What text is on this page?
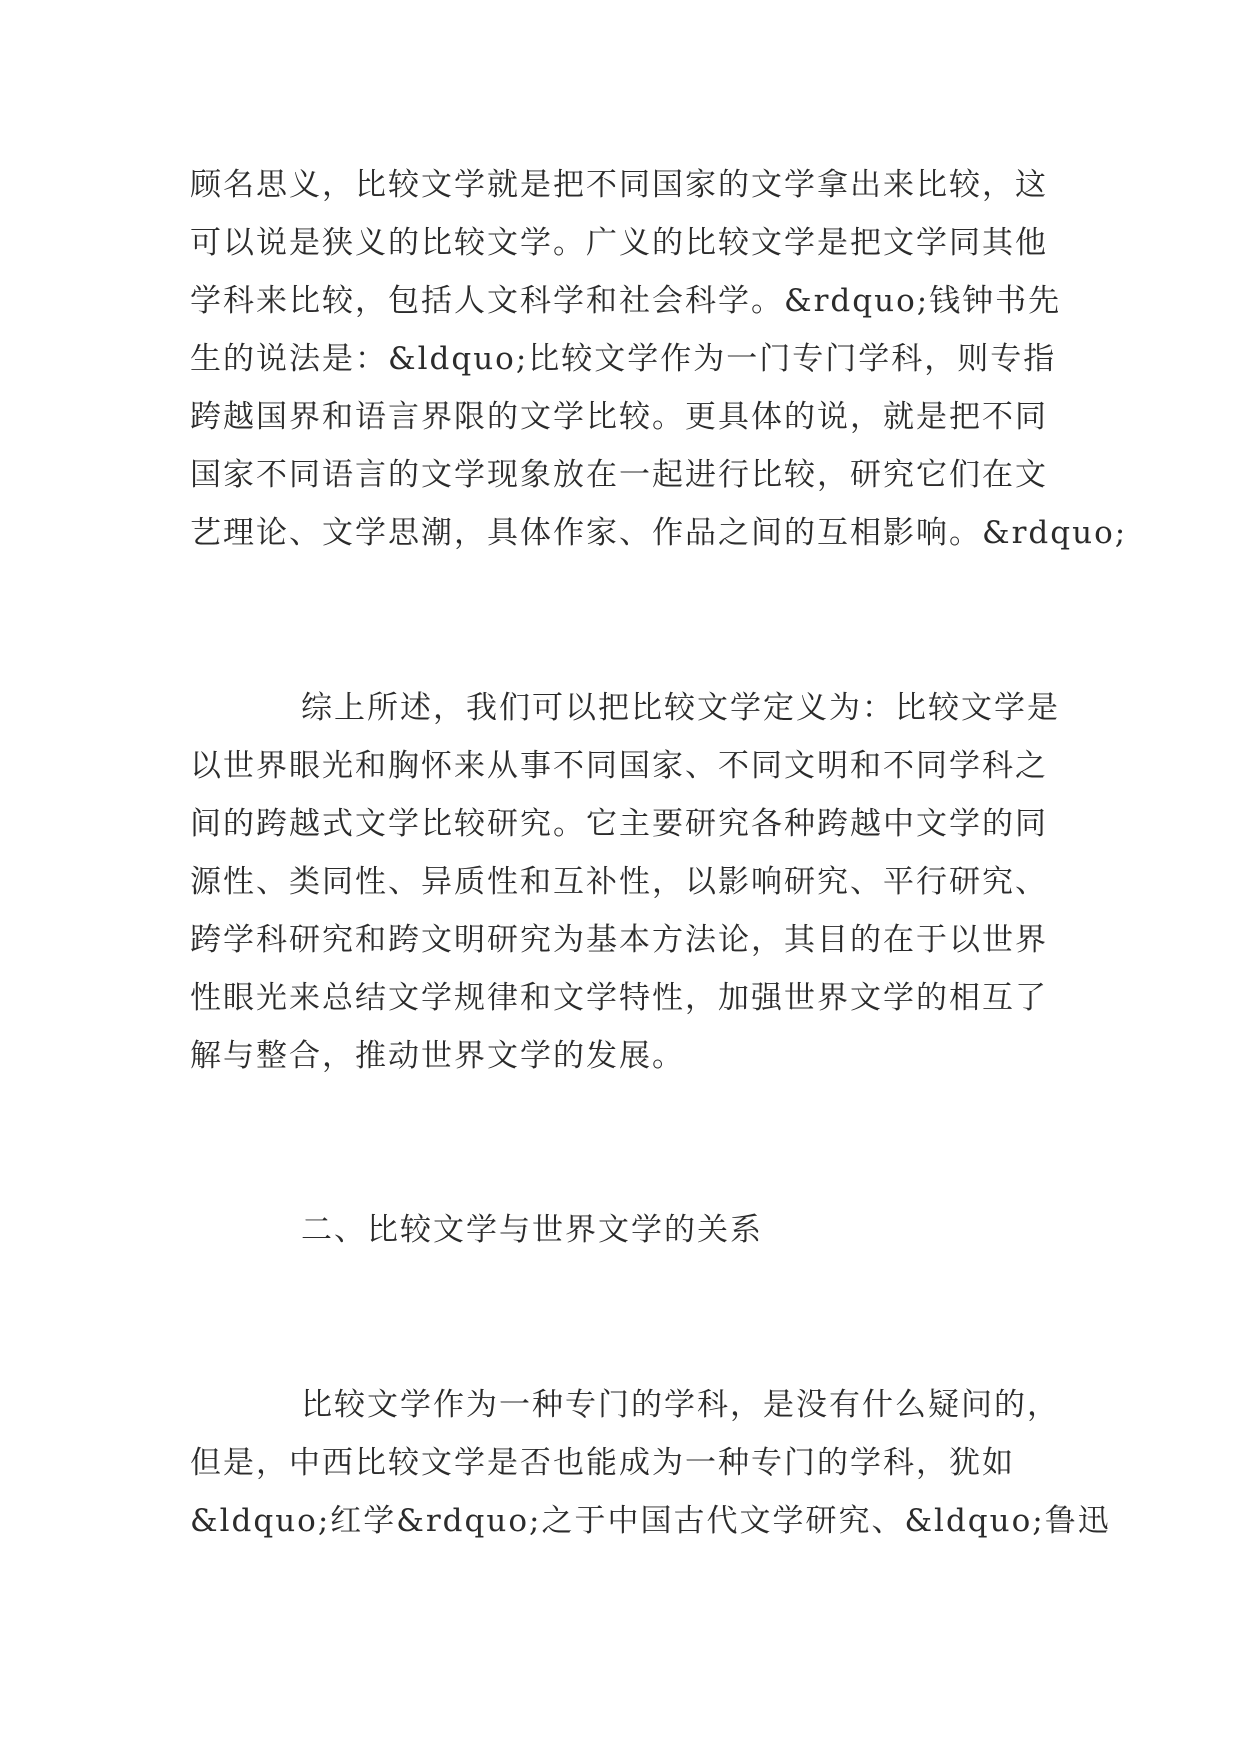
顾名思义，比较文学就是把不同国家的文学拿出来比较，这
可以说是狭义的比较文学。广义的比较文学是把文学同其他
学科来比较，包括人文科学和社会科学。&rdquo;钱钟书先
生的说法是：&ldquo;比较文学作为一门专门学科，则专指
跨越国界和语言界限的文学比较。更具体的说，就是把不同
国家不同语言的文学现象放在一起进行比较，研究它们在文
艺理论、文学思潮，具体作家、作品之间的互相影响。&rdquo;
综上所述，我们可以把比较文学定义为：比较文学是
以世界眼光和胸怀来从事不同国家、不同文明和不同学科之
间的跨越式文学比较研究。它主要研究各种跨越中文学的同
源性、类同性、异质性和互补性，以影响研究、平行研究、
跨学科研究和跨文明研究为基本方法论，其目的在于以世界
性眼光来总结文学规律和文学特性，加强世界文学的相互了
解与整合，推动世界文学的发展。
二、比较文学与世界文学的关系
比较文学作为一种专门的学科，是没有什么疑问的，
但是，中西比较文学是否也能成为一种专门的学科，犹如
&ldquo;红学&rdquo;之于中国古代文学研究、&ldquo;鲁迅
